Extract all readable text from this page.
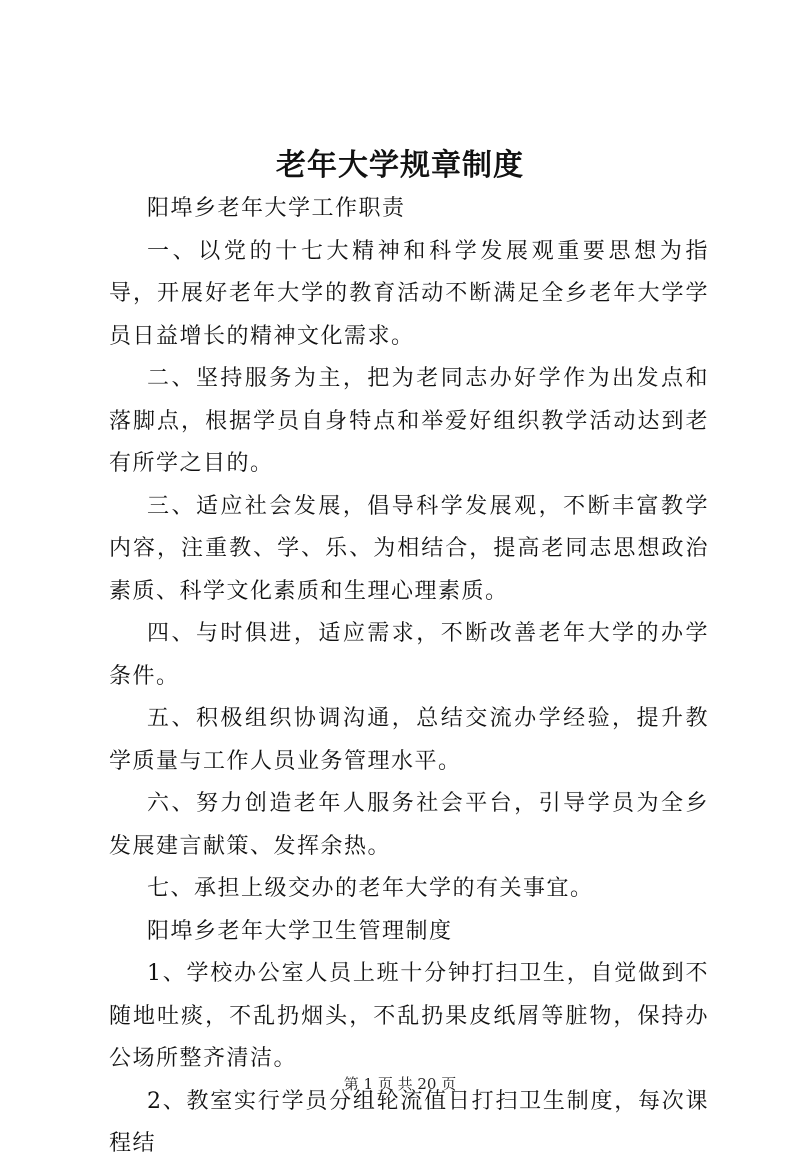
老年大学规章制度

阳埠乡老年大学工作职责

一、以党的十七大精神和科学发展观重要思想为指导，开展好老年大学的教育活动不断满足全乡老年大学学员日益增长的精神文化需求。

二、坚持服务为主，把为老同志办好学作为出发点和落脚点，根据学员自身特点和举爱好组织教学活动达到老有所学之目的。

三、适应社会发展，倡导科学发展观，不断丰富教学内容，注重教、学、乐、为相结合，提高老同志思想政治素质、科学文化素质和生理心理素质。

四、与时俱进，适应需求，不断改善老年大学的办学条件。

五、积极组织协调沟通，总结交流办学经验，提升教学质量与工作人员业务管理水平。

六、努力创造老年人服务社会平台，引导学员为全乡发展建言献策、发挥余热。

七、承担上级交办的老年大学的有关事宜。

阳埠乡老年大学卫生管理制度

1、学校办公室人员上班十分钟打扫卫生，自觉做到不随地吐痰，不乱扔烟头，不乱扔果皮纸屑等脏物，保持办公场所整齐清洁。

2、教室实行学员分组轮流值日打扫卫生制度，每次课程结

第 1 页 共 20 页
